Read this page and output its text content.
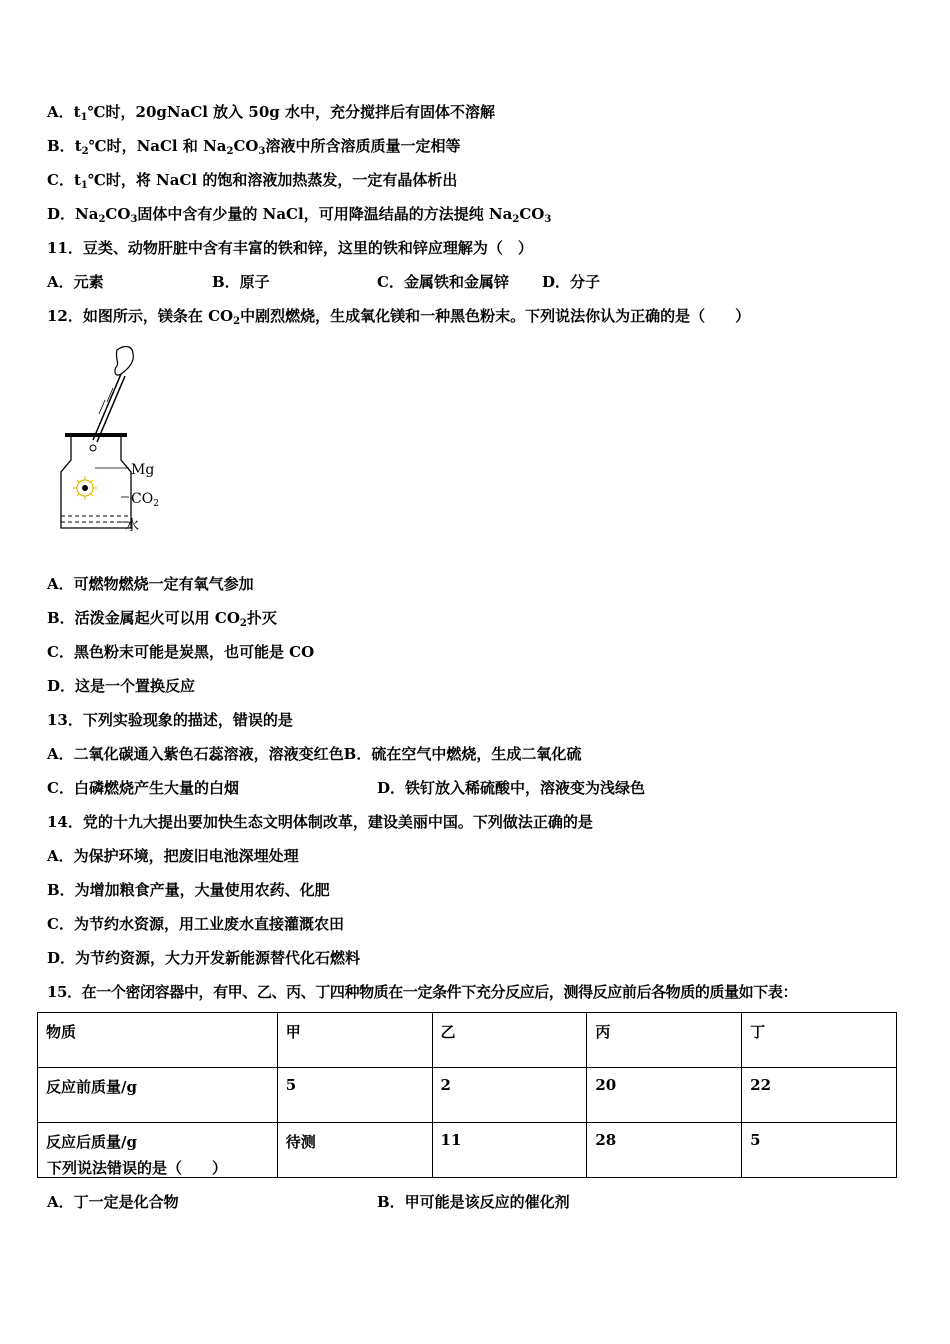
A．$t_1℃$时，20gNaCl 放入 50g 水中，充分搅拌后有固体不溶解
B．$t_2℃$时，NaCl 和 $Na_2CO_3$溶液中所含溶质质量一定相等
C．$t_1℃$时，将 NaCl 的饱和溶液加热蒸发，一定有晶体析出
D．$Na_2CO_3$固体中含有少量的 NaCl，可用降温结晶的方法提纯 $Na_2CO_3$
11．豆类、动物肝脏中含有丰富的铁和锌，这里的铁和锌应理解为（　）
A．元素	B．原子	C．金属铁和金属锌 D．分子
12．如图所示，镁条在 $CO_2$中剧烈燃烧，生成氧化镁和一种黑色粉末。下列说法你认为正确的是（　　）
Mg
$CO_2$
水
A．可燃物燃烧一定有氧气参加
B．活泼金属起火可以用 $CO_2$扑灭
C．黑色粉末可能是炭黑，也可能是 CO
D．这是一个置换反应
13．下列实验现象的描述，错误的是
A．二氧化碳通入紫色石蕊溶液，溶液变红色B．硫在空气中燃烧，生成二氧化硫
C．白磷燃烧产生大量的白烟	D．铁钉放入稀硫酸中，溶液变为浅绿色
14．党的十九大提出要加快生态文明体制改革，建设美丽中国。下列做法正确的是
A．为保护环境，把废旧电池深埋处理
B．为增加粮食产量，大量使用农药、化肥
C．为节约水资源，用工业废水直接灌溉农田
D．为节约资源，大力开发新能源替代化石燃料
15．在一个密闭容器中，有甲、乙、丙、丁四种物质在一定条件下充分反应后，测得反应前后各物质的质量如下表：
物质	甲	乙	丙	丁
反应前质量/g	5	2	20	22
反应后质量/g	待测	11	28	5
下列说法错误的是（　　）
A．丁一定是化合物	B．甲可能是该反应的催化剂
